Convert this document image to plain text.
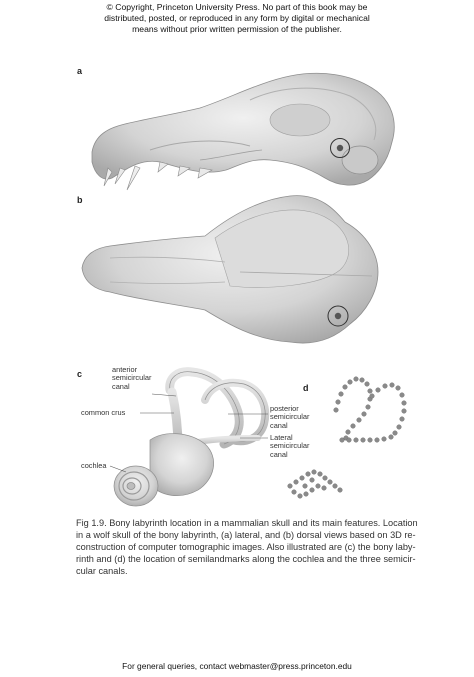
© Copyright, Princeton University Press. No part of this book may be
distributed, posted, or reproduced in any form by digital or mechanical
means without prior written permission of the publisher.
a
b
c
d
anterior
semicircular
canal
common crus	posterior
semicircular
canal
Lateral
semicircular
canal
cochlea
Fig 1.9. Bony labyrinth location in a mammalian skull and its main features. Location
in a wolf skull of the bony labyrinth, (a) lateral, and (b) dorsal views based on 3D re-
construction of computer tomographic images. Also illustrated are (c) the bony laby-
rinth and (d) the location of semilandmarks along the cochlea and the three semicir-
cular canals.
For general queries, contact webmaster@press.princeton.edu
